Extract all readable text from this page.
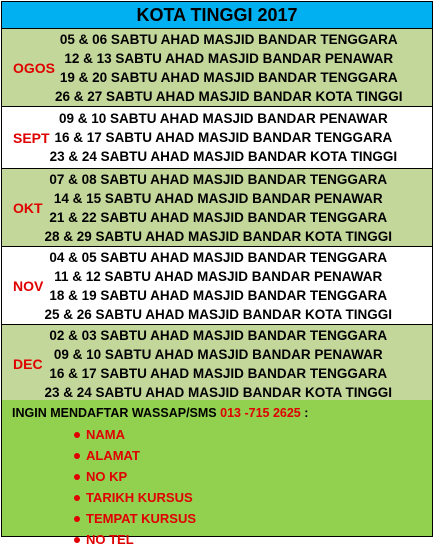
KOTA TINGGI 2017
OGOS
05 & 06 SABTU AHAD MASJID BANDAR TENGGARA
12 & 13 SABTU AHAD MASJID BANDAR PENAWAR
19 & 20 SABTU AHAD MASJID BANDAR TENGGARA
26 & 27 SABTU AHAD MASJID BANDAR KOTA TINGGI
SEPT
09 & 10 SABTU AHAD MASJID BANDAR PENAWAR
16 & 17 SABTU AHAD MASJID BANDAR TENGGARA
23 & 24 SABTU AHAD MASJID BANDAR KOTA TINGGI
OKT
07 & 08 SABTU AHAD MASJID BANDAR TENGGARA
14 & 15 SABTU AHAD MASJID BANDAR PENAWAR
21 & 22 SABTU AHAD MASJID BANDAR TENGGARA
28 & 29 SABTU AHAD MASJID BANDAR KOTA TINGGI
NOV
04 & 05 SABTU AHAD MASJID BANDAR TENGGARA
11 & 12 SABTU AHAD MASJID BANDAR PENAWAR
18 & 19 SABTU AHAD MASJID BANDAR TENGGARA
25 & 26 SABTU AHAD MASJID BANDAR KOTA TINGGI
DEC
02 & 03 SABTU AHAD MASJID BANDAR TENGGARA
09 & 10 SABTU AHAD MASJID BANDAR PENAWAR
16 & 17 SABTU AHAD MASJID BANDAR TENGGARA
23 & 24 SABTU AHAD MASJID BANDAR KOTA TINGGI
INGIN MENDAFTAR WASSAP/SMS 013 -715 2625 :
NAMA
ALAMAT
NO KP
TARIKH KURSUS
TEMPAT KURSUS
NO TEL
